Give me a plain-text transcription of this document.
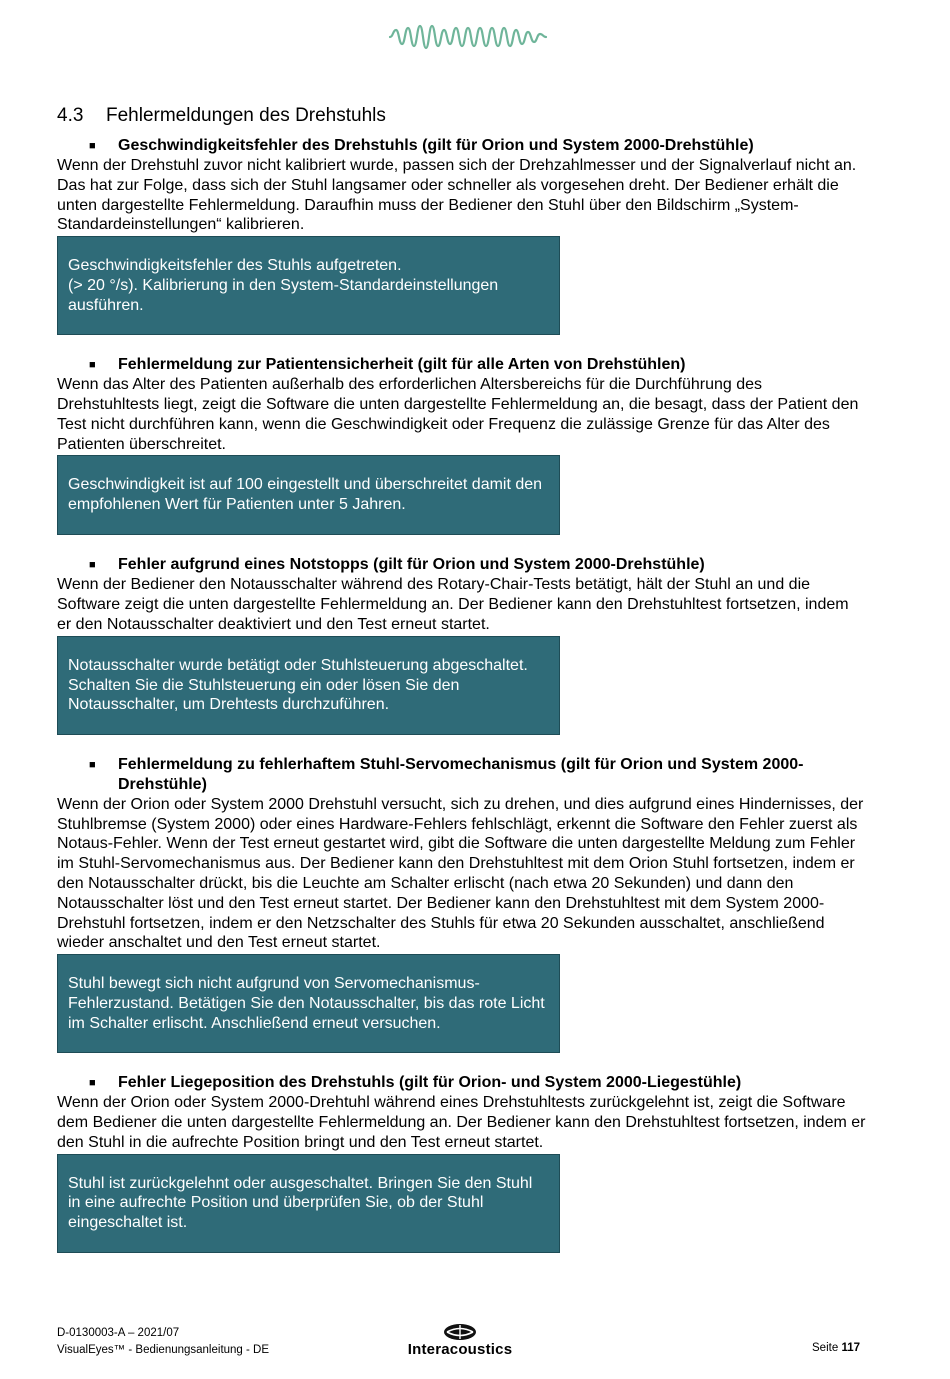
4.3	Fehlermeldungen des Drehstuhls
■	Geschwindigkeitsfehler des Drehstuhls (gilt für Orion und System 2000-Drehstühle)

Wenn der Drehstuhl zuvor nicht kalibriert wurde, passen sich der Drehzahlmesser und der Signalverlauf nicht an. Das hat zur Folge, dass sich der Stuhl langsamer oder schneller als vorgesehen dreht. Der Bediener erhält die unten dargestellte Fehlermeldung. Daraufhin muss der Bediener den Stuhl über den Bildschirm „System-Standardeinstellungen“ kalibrieren.

Geschwindigkeitsfehler des Stuhls aufgetreten.
(> 20 °/s). Kalibrierung in den System-Standardeinstellungen ausführen.
■	Fehlermeldung zur Patientensicherheit (gilt für alle Arten von Drehstühlen)

Wenn das Alter des Patienten außerhalb des erforderlichen Altersbereichs für die Durchführung des Drehstuhltests liegt, zeigt die Software die unten dargestellte Fehlermeldung an, die besagt, dass der Patient den Test nicht durchführen kann, wenn die Geschwindigkeit oder Frequenz die zulässige Grenze für das Alter des Patienten überschreitet.

Geschwindigkeit ist auf 100 eingestellt und überschreitet damit den empfohlenen Wert für Patienten unter 5 Jahren.
■	Fehler aufgrund eines Notstopps (gilt für Orion und System 2000-Drehstühle)

Wenn der Bediener den Notausschalter während des Rotary-Chair-Tests betätigt, hält der Stuhl an und die Software zeigt die unten dargestellte Fehlermeldung an. Der Bediener kann den Drehstuhltest fortsetzen, indem er den Notausschalter deaktiviert und den Test erneut startet.

Notausschalter wurde betätigt oder Stuhlsteuerung abgeschaltet. Schalten Sie die Stuhlsteuerung ein oder lösen Sie den Notausschalter, um Drehtests durchzuführen.
■	Fehlermeldung zu fehlerhaftem Stuhl-Servomechanismus (gilt für Orion und System 2000-Drehstühle)

Wenn der Orion oder System 2000 Drehstuhl versucht, sich zu drehen, und dies aufgrund eines Hindernisses, der Stuhlbremse (System 2000) oder eines Hardware-Fehlers fehlschlägt, erkennt die Software den Fehler zuerst als Notaus-Fehler. Wenn der Test erneut gestartet wird, gibt die Software die unten dargestellte Meldung zum Fehler im Stuhl-Servomechanismus aus. Der Bediener kann den Drehstuhltest mit dem Orion Stuhl fortsetzen, indem er den Notausschalter drückt, bis die Leuchte am Schalter erlischt (nach etwa 20 Sekunden) und dann den Notausschalter löst und den Test erneut startet. Der Bediener kann den Drehstuhltest mit dem System 2000-Drehstuhl fortsetzen, indem er den Netzschalter des Stuhls für etwa 20 Sekunden ausschaltet, anschließend wieder anschaltet und den Test erneut startet.

Stuhl bewegt sich nicht aufgrund von Servomechanismus-Fehlerzustand. Betätigen Sie den Notausschalter, bis das rote Licht im Schalter erlischt. Anschließend erneut versuchen.
■	Fehler Liegeposition des Drehstuhls (gilt für Orion- und System 2000-Liegestühle)

Wenn der Orion oder System 2000-Drehtuhl während eines Drehstuhltests zurückgelehnt ist, zeigt die Software dem Bediener die unten dargestellte Fehlermeldung an. Der Bediener kann den Drehstuhltest fortsetzen, indem er den Stuhl in die aufrechte Position bringt und den Test erneut startet.

Stuhl ist zurückgelehnt oder ausgeschaltet. Bringen Sie den Stuhl in eine aufrechte Position und überprüfen Sie, ob der Stuhl eingeschaltet ist.
D-0130003-A – 2021/07
VisualEyes™ - Bedienungsanleitung - DE	Interacoustics	Seite 117
